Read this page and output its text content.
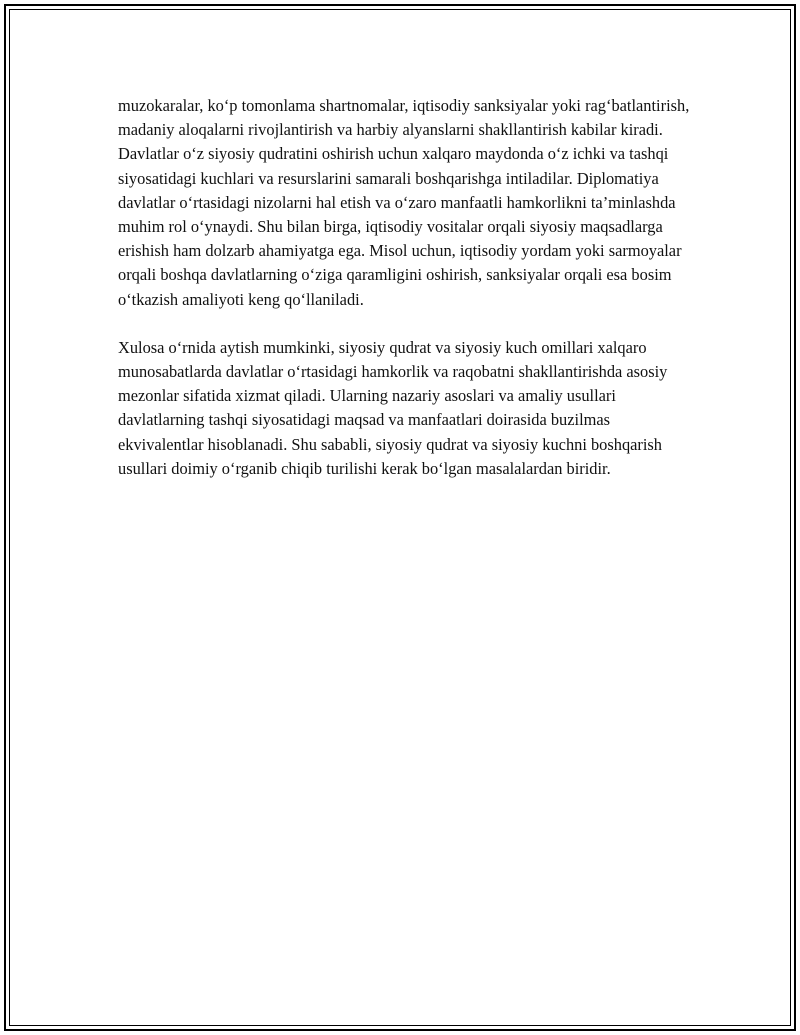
muzokaralar, ko‘p tomonlama shartnomalar, iqtisodiy sanksiyalar yoki rag‘batlantirish, madaniy aloqalarni rivojlantirish va harbiy alyanslarni shakllantirish kabilar kiradi. Davlatlar o‘z siyosiy qudratini oshirish uchun xalqaro maydonda o‘z ichki va tashqi siyosatidagi kuchlari va resurslarini samarali boshqarishga intiladilar. Diplomatiya davlatlar o‘rtasidagi nizolarni hal etish va o‘zaro manfaatli hamkorlikni ta’minlashda muhim rol o‘ynaydi. Shu bilan birga, iqtisodiy vositalar orqali siyosiy maqsadlarga erishish ham dolzarb ahamiyatga ega. Misol uchun, iqtisodiy yordam yoki sarmoyalar orqali boshqa davlatlarning o‘ziga qaramligini oshirish, sanksiyalar orqali esa bosim o‘tkazish amaliyoti keng qo‘llaniladi.

Xulosa o‘rnida aytish mumkinki, siyosiy qudrat va siyosiy kuch omillari xalqaro munosabatlarda davlatlar o‘rtasidagi hamkorlik va raqobatni shakllantirishda asosiy mezonlar sifatida xizmat qiladi. Ularning nazariy asoslari va amaliy usullari davlatlarning tashqi siyosatidagi maqsad va manfaatlari doirasida buzilmas ekvivalentlar hisoblanadi. Shu sababli, siyosiy qudrat va siyosiy kuchni boshqarish usullari doimiy o‘rganib chiqib turilishi kerak bo‘lgan masalalardan biridir.
